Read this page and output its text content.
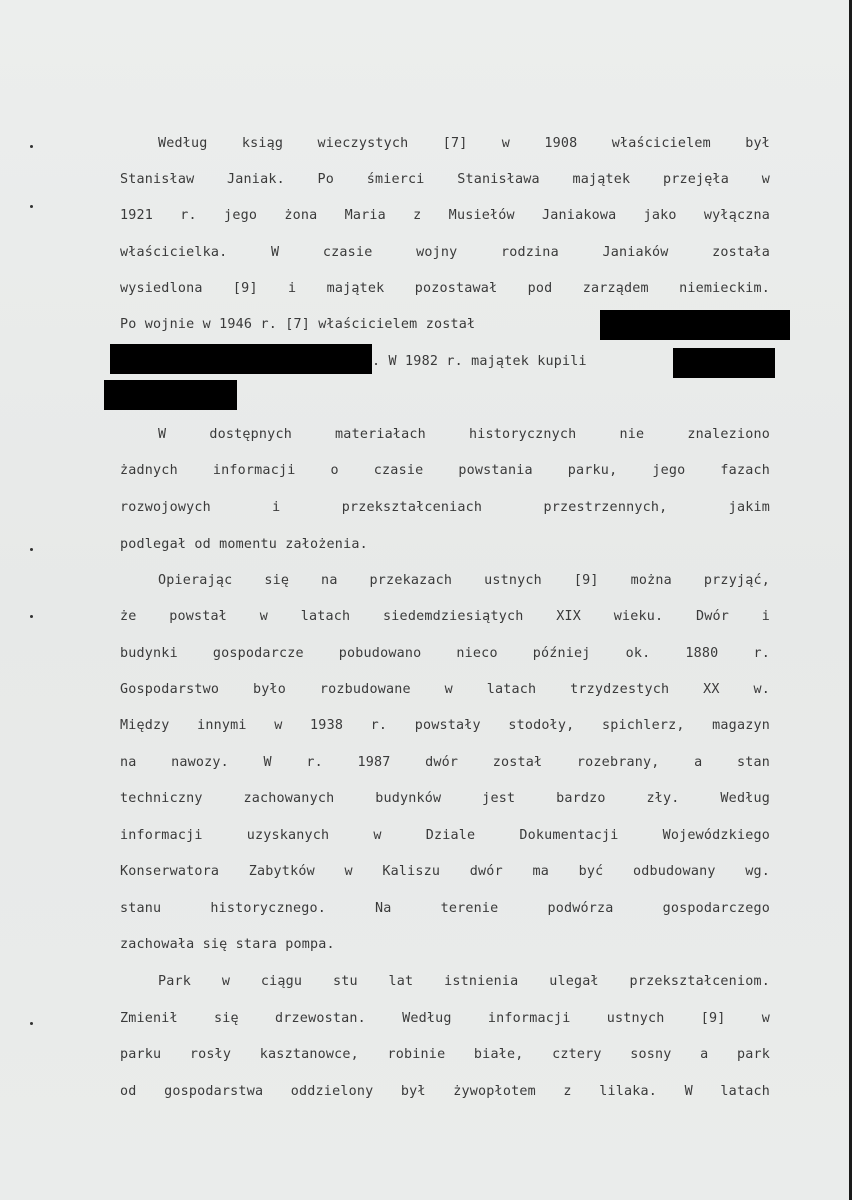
Według ksiąg wieczystych [7] w 1908 właścicielem był
Stanisław Janiak. Po śmierci Stanisława majątek przejęła w
1921 r. jego żona Maria z Musiełów Janiakowa jako wyłączna
właścicielka. W czasie wojny rodzina Janiaków została
wysiedlona [9] i majątek pozostawał pod zarządem niemieckim.
Po wojnie w 1946 r. [7] właścicielem został
. W 1982 r. majątek kupili
W dostępnych materiałach historycznych nie znaleziono
żadnych informacji o czasie powstania parku, jego fazach
rozwojowych i przekształceniach przestrzennych, jakim
podlegał od momentu założenia.
Opierając się na przekazach ustnych [9] można przyjąć,
że powstał w latach siedemdziesiątych XIX wieku. Dwór i
budynki gospodarcze pobudowano nieco później ok. 1880 r.
Gospodarstwo było rozbudowane w latach trzydzestych XX w.
Między innymi w 1938 r. powstały stodoły, spichlerz, magazyn
na nawozy. W r. 1987 dwór został rozebrany, a stan
techniczny zachowanych budynków jest bardzo zły. Według
informacji uzyskanych w Dziale Dokumentacji Wojewódzkiego
Konserwatora Zabytków w Kaliszu dwór ma być odbudowany wg.
stanu historycznego. Na terenie podwórza gospodarczego
zachowała się stara pompa.
Park w ciągu stu lat istnienia ulegał przekształceniom.
Zmienił się drzewostan. Według informacji ustnych [9] w
parku rosły kasztanowce, robinie białe, cztery sosny a park
od gospodarstwa oddzielony był żywopłotem z lilaka. W latach
